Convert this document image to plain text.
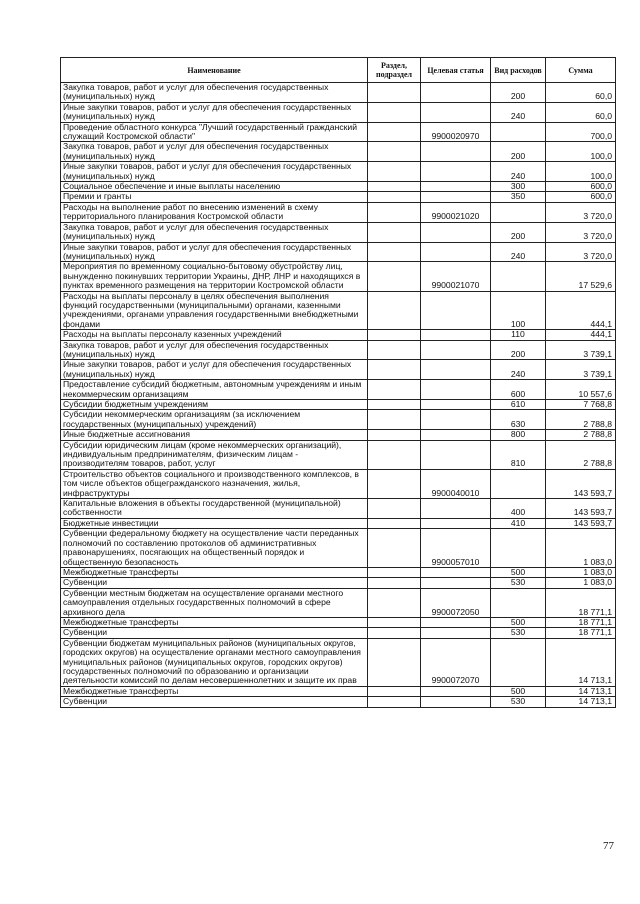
Наименование	Раздел, подраздел	Целевая статья	Вид расходов	Сумма
Закупка товаров, работ и услуг для обеспечения государственных (муниципальных) нужд			200	60,0
Иные закупки товаров, работ и услуг для обеспечения государственных (муниципальных) нужд			240	60,0
Проведение областного конкурса "Лучший государственный гражданский служащий Костромской области"		9900020970		700,0
Закупка товаров, работ и услуг для обеспечения государственных (муниципальных) нужд			200	100,0
Иные закупки товаров, работ и услуг для обеспечения государственных (муниципальных) нужд			240	100,0
Социальное обеспечение и иные выплаты населению			300	600,0
Премии и гранты			350	600,0
Расходы на выполнение работ по внесению изменений в схему территориального планирования Костромской области		9900021020		3 720,0
Закупка товаров, работ и услуг для обеспечения государственных (муниципальных) нужд			200	3 720,0
Иные закупки товаров, работ и услуг для обеспечения государственных (муниципальных) нужд			240	3 720,0
Мероприятия по временному социально-бытовому обустройству лиц, вынужденно покинувших территории Украины, ДНР, ЛНР и находящихся в пунктах временного размещения на территории Костромской области		9900021070		17 529,6
Расходы на выплаты персоналу в целях обеспечения выполнения функций государственными (муниципальными) органами, казенными учреждениями, органами управления государственными внебюджетными фондами			100	444,1
Расходы на выплаты персоналу казенных учреждений			110	444,1
Закупка товаров, работ и услуг для обеспечения государственных (муниципальных) нужд			200	3 739,1
Иные закупки товаров, работ и услуг для обеспечения государственных (муниципальных) нужд			240	3 739,1
Предоставление субсидий бюджетным, автономным учреждениям и иным некоммерческим организациям			600	10 557,6
Субсидии бюджетным учреждениям			610	7 768,8
Субсидии некоммерческим организациям (за исключением государственных (муниципальных) учреждений)			630	2 788,8
Иные бюджетные ассигнования			800	2 788,8
Субсидии юридическим лицам (кроме некоммерческих организаций), индивидуальным предпринимателям, физическим лицам - производителям товаров, работ, услуг			810	2 788,8
Строительство объектов социального и производственного комплексов, в том числе объектов общегражданского назначения, жилья, инфраструктуры		9900040010		143 593,7
Капитальные вложения в объекты государственной (муниципальной) собственности			400	143 593,7
Бюджетные инвестиции			410	143 593,7
Субвенции федеральному бюджету на осуществление части переданных полномочий по составлению протоколов об административных правонарушениях, посягающих на общественный порядок и общественную безопасность		9900057010		1 083,0
Межбюджетные трансферты			500	1 083,0
Субвенции			530	1 083,0
Субвенции местным бюджетам на осуществление органами местного самоуправления отдельных государственных полномочий в сфере архивного дела		9900072050		18 771,1
Межбюджетные трансферты			500	18 771,1
Субвенции			530	18 771,1
Субвенции бюджетам муниципальных районов (муниципальных округов, городских округов) на осуществление органами местного самоуправления муниципальных районов (муниципальных округов, городских округов) государственных полномочий по образованию и организации деятельности комиссий по делам несовершеннолетних и защите их прав		9900072070		14 713,1
Межбюджетные трансферты			500	14 713,1
Субвенции			530	14 713,1
77
